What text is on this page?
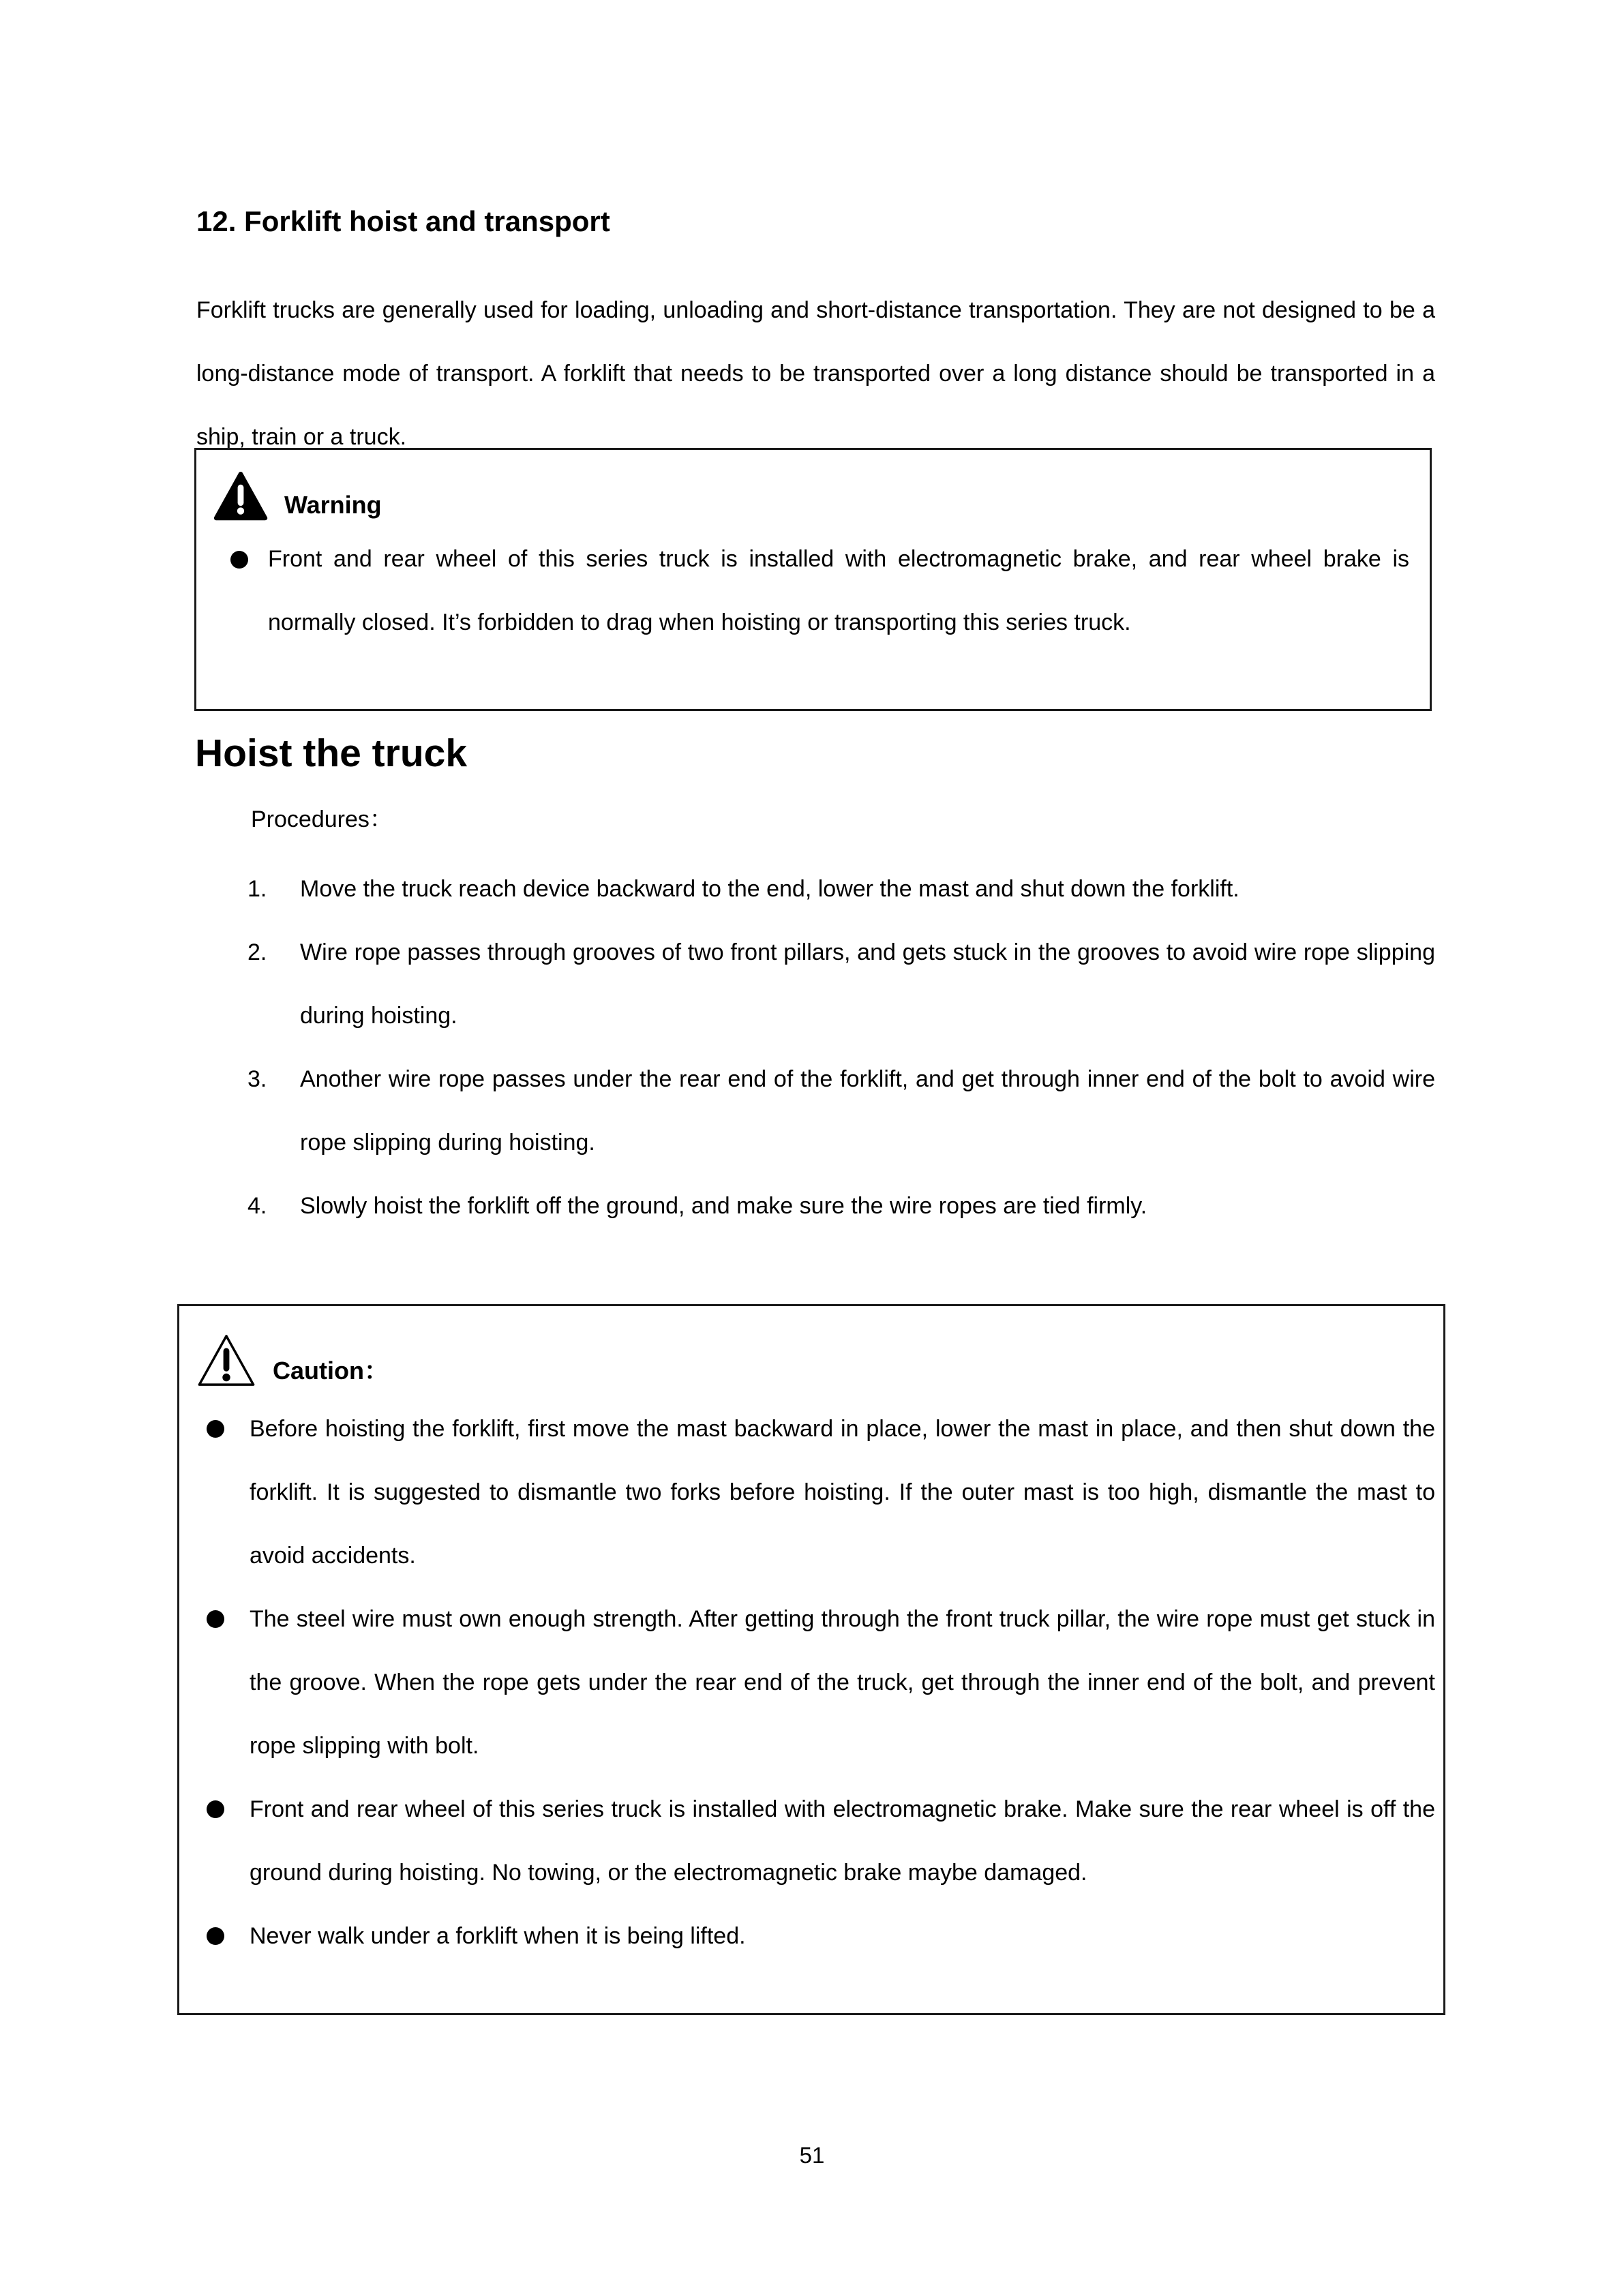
12. Forklift hoist and transport

Forklift trucks are generally used for loading, unloading and short-distance transportation. They are not designed to be a long-distance mode of transport. A forklift that needs to be transported over a long distance should be transported in a ship, train or a truck.

Warning
Front and rear wheel of this series truck is installed with electromagnetic brake, and rear wheel brake is normally closed. It’s forbidden to drag when hoisting or transporting this series truck.
Hoist the truck
Procedures：
1.	Move the truck reach device backward to the end, lower the mast and shut down the forklift.
2.	Wire rope passes through grooves of two front pillars, and gets stuck in the grooves to avoid wire rope slipping during hoisting.
3.	Another wire rope passes under the rear end of the forklift, and get through inner end of the bolt to avoid wire rope slipping during hoisting.
4.	Slowly hoist the forklift off the ground, and make sure the wire ropes are tied firmly.
Caution：
Before hoisting the forklift, first move the mast backward in place, lower the mast in place, and then shut down the forklift. It is suggested to dismantle two forks before hoisting. If the outer mast is too high, dismantle the mast to avoid accidents.
The steel wire must own enough strength. After getting through the front truck pillar, the wire rope must get stuck in the groove. When the rope gets under the rear end of the truck, get through the inner end of the bolt, and prevent rope slipping with bolt.
Front and rear wheel of this series truck is installed with electromagnetic brake. Make sure the rear wheel is off the ground during hoisting. No towing, or the electromagnetic brake maybe damaged.
Never walk under a forklift when it is being lifted.
51
